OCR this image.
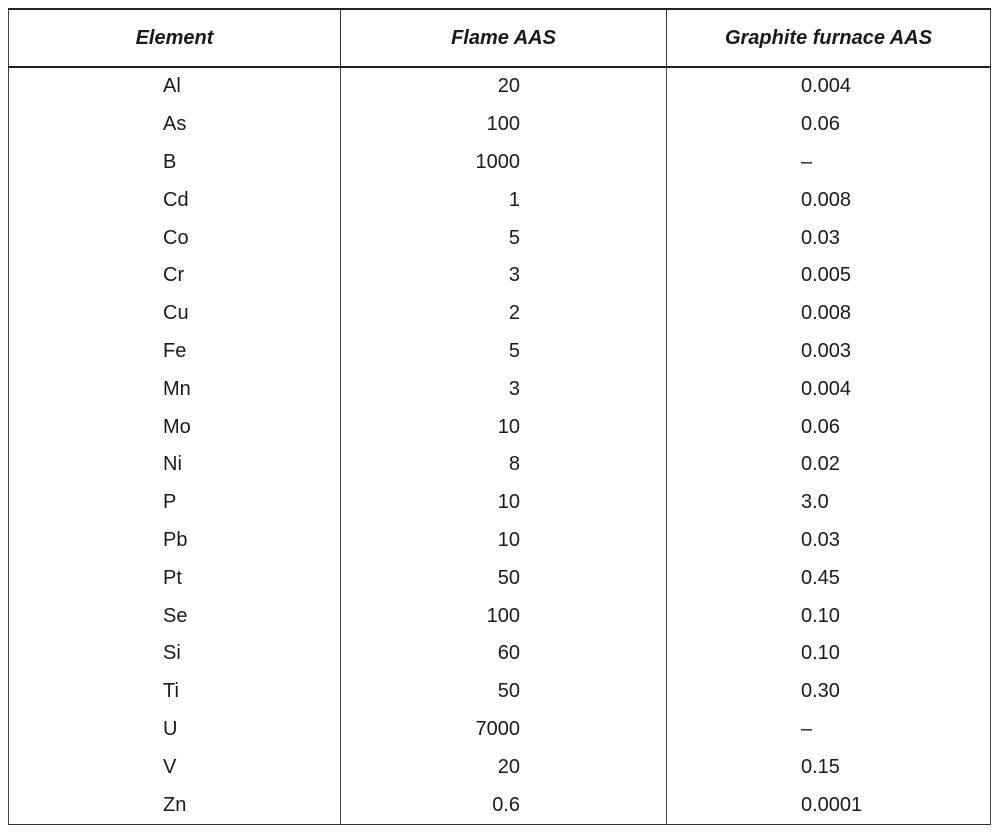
Element	Flame AAS	Graphite furnace AAS
Al	20	0.004
As	100	0.06
B	1000	–
Cd	1	0.008
Co	5	0.03
Cr	3	0.005
Cu	2	0.008
Fe	5	0.003
Mn	3	0.004
Mo	10	0.06
Ni	8	0.02
P	10	3.0
Pb	10	0.03
Pt	50	0.45
Se	100	0.10
Si	60	0.10
Ti	50	0.30
U	7000	–
V	20	0.15
Zn	0.6	0.0001
